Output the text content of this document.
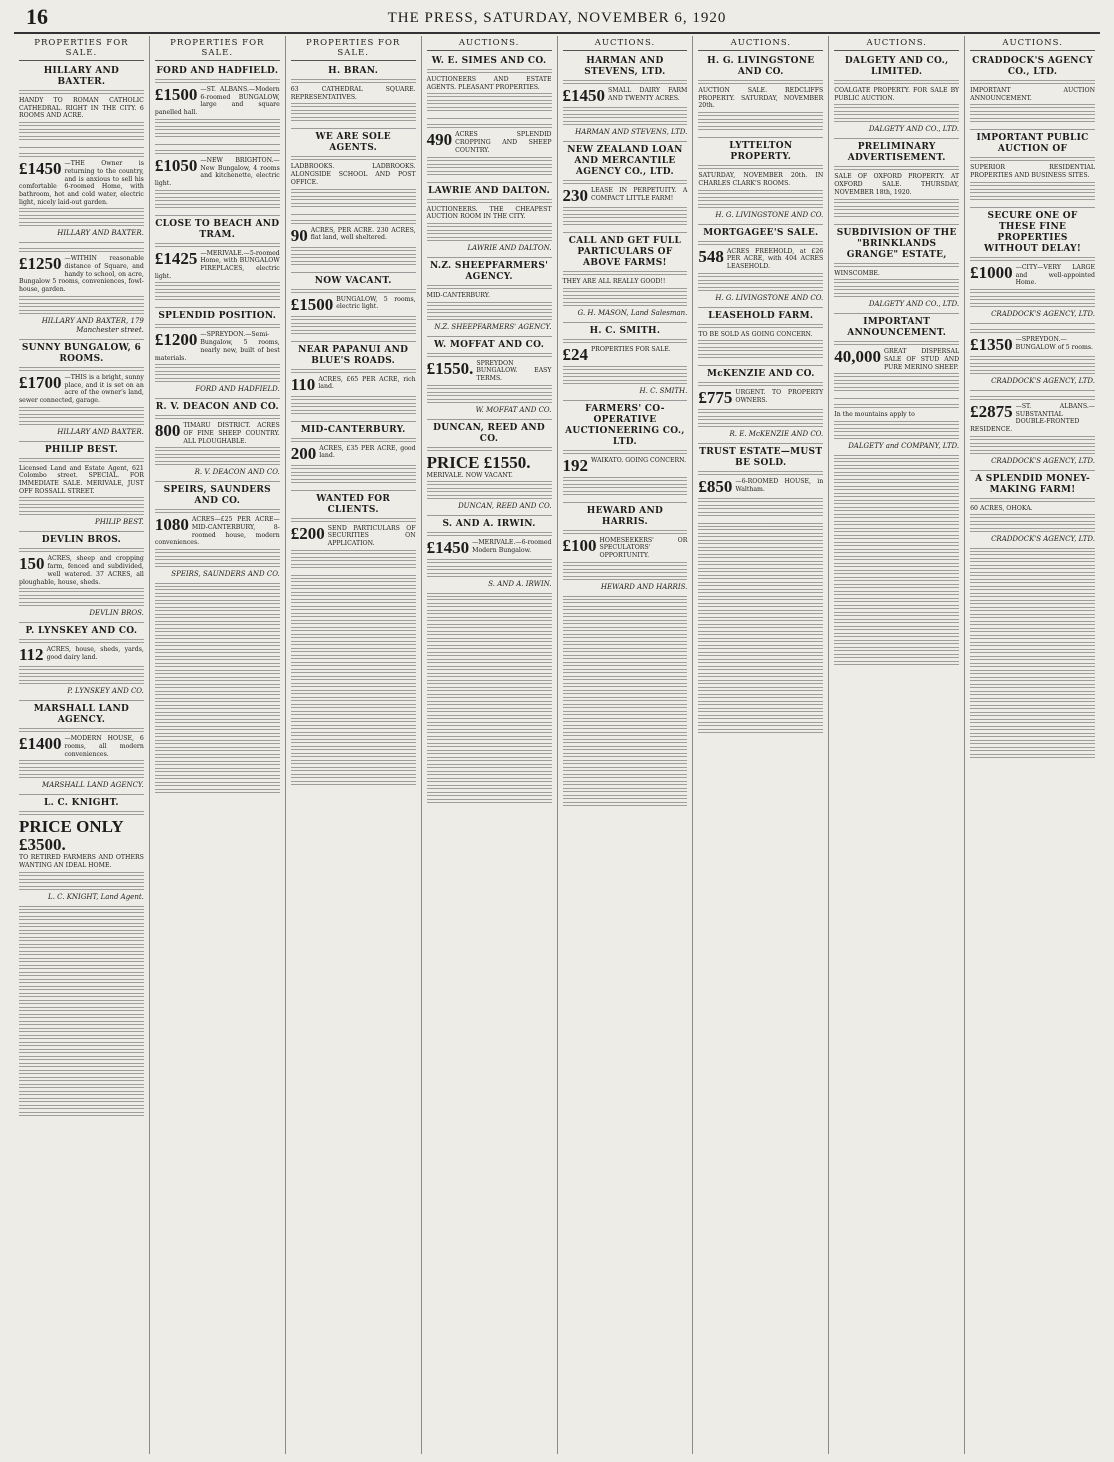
16	THE PRESS, SATURDAY, NOVEMBER 6, 1920
PROPERTIES FOR SALE.
HILLARY AND BAXTER.
HANDY TO ROMAN CATHOLIC CATHEDRAL. RIGHT IN THE CITY. 6 ROOMS AND ACRE.
£1450 —THE Owner is returning to the country, and is anxious to sell his comfortable 6-roomed Home, with bathroom, hot and cold water, electric light, nicely laid-out garden.
HILLARY AND BAXTER.
£1250 —WITHIN reasonable distance of Square, and handy to school, on acre, Bungalow 5 rooms, conveniences, fowl-house, garden.
HILLARY AND BAXTER, 179 Manchester street.
SUNNY BUNGALOW, 6 ROOMS.
£1700 —THIS is a bright, sunny place, and it is set on an acre of the owner's land, sewer connected, garage.
HILLARY AND BAXTER.
PHILIP BEST.
Licensed Land and Estate Agent, 621 Colombo street. SPECIAL. FOR IMMEDIATE SALE. MERIVALE, JUST OFF ROSSALL STREET.
PHILIP BEST.
DEVLIN BROS.
150 ACRES, sheep and cropping farm, fenced and subdivided, well watered. 37 ACRES, all ploughable, house, sheds.
DEVLIN BROS.
P. LYNSKEY AND CO.
112 ACRES, house, sheds, yards, good dairy land.
P. LYNSKEY AND CO.
MARSHALL LAND AGENCY.
£1400 —MODERN HOUSE, 6 rooms, all modern conveniences.
MARSHALL LAND AGENCY.
L. C. KNIGHT.
PRICE ONLY £3500.
TO RETIRED FARMERS AND OTHERS WANTING AN IDEAL HOME.
L. C. KNIGHT, Land Agent.
PROPERTIES FOR SALE.
FORD AND HADFIELD.
£1500 —ST. ALBANS.—Modern 6-roomed BUNGALOW, large and square panelled hall.
£1050 —NEW BRIGHTON.—New Bungalow, 4 rooms and kitchenette, electric light.
CLOSE TO BEACH AND TRAM.
£1425 —MERIVALE.—5-roomed Home, with BUNGALOW FIREPLACES, electric light.
SPLENDID POSITION.
£1200 —SPREYDON.—Semi-Bungalow, 5 rooms, nearly new, built of best materials.
FORD AND HADFIELD.
R. V. DEACON AND CO.
800 TIMARU DISTRICT. ACRES OF FINE SHEEP COUNTRY. ALL PLOUGHABLE.
R. V. DEACON AND CO.
SPEIRS, SAUNDERS AND CO.
1080 ACRES—£25 PER ACRE—MID-CANTERBURY, 8-roomed house, modern conveniences.
SPEIRS, SAUNDERS AND CO.
PROPERTIES FOR SALE.
H. BRAN.
63 CATHEDRAL SQUARE. REPRESENTATIVES.
WE ARE SOLE AGENTS.
LADBROOKS. LADBROOKS. ALONGSIDE SCHOOL AND POST OFFICE.
90 ACRES, PER ACRE. 230 ACRES, flat land, well sheltered.
NOW VACANT.
£1500 BUNGALOW, 5 rooms, electric light.
NEAR PAPANUI AND BLUE'S ROADS.
110 ACRES, £65 PER ACRE, rich land.
MID-CANTERBURY.
200 ACRES, £35 PER ACRE, good land.
WANTED FOR CLIENTS.
£200 SEND PARTICULARS OF SECURITIES ON APPLICATION.
AUCTIONS.
W. E. SIMES AND CO.
AUCTIONEERS AND ESTATE AGENTS. PLEASANT PROPERTIES.
490 ACRES SPLENDID CROPPING AND SHEEP COUNTRY.
LAWRIE AND DALTON.
AUCTIONEERS. THE CHEAPEST AUCTION ROOM IN THE CITY.
LAWRIE AND DALTON.
N.Z. SHEEPFARMERS' AGENCY.
MID-CANTERBURY.
N.Z. SHEEPFARMERS' AGENCY.
W. MOFFAT AND CO.
£1550. SPREYDON BUNGALOW. EASY TERMS.
W. MOFFAT AND CO.
DUNCAN, REED AND CO.
PRICE £1550.
MERIVALE. NOW VACANT.
DUNCAN, REED AND CO.
S. AND A. IRWIN.
£1450 —MERIVALE.—6-roomed Modern Bungalow.
S. AND A. IRWIN.
AUCTIONS.
HARMAN AND STEVENS, LTD.
£1450 SMALL DAIRY FARM AND TWENTY ACRES.
HARMAN AND STEVENS, LTD.
NEW ZEALAND LOAN AND MERCANTILE AGENCY CO., LTD.
230 LEASE IN PERPETUITY. A COMPACT LITTLE FARM!
CALL AND GET FULL PARTICULARS OF ABOVE FARMS!
THEY ARE ALL REALLY GOOD!!
G. H. MASON, Land Salesman.
H. C. SMITH.
£24 PROPERTIES FOR SALE.
H. C. SMITH.
FARMERS' CO-OPERATIVE AUCTIONEERING CO., LTD.
192 WAIKATO. GOING CONCERN.
HEWARD AND HARRIS.
£100 HOMESEEKERS' OR SPECULATORS' OPPORTUNITY.
HEWARD AND HARRIS.
AUCTIONS.
H. G. LIVINGSTONE AND CO.
AUCTION SALE. REDCLIFFS PROPERTY. SATURDAY, NOVEMBER 20th.
LYTTELTON PROPERTY.
SATURDAY, NOVEMBER 20th. IN CHARLES CLARK'S ROOMS.
H. G. LIVINGSTONE AND CO.
MORTGAGEE'S SALE.
548 ACRES FREEHOLD, at £26 PER ACRE, with 404 ACRES LEASEHOLD.
H. G. LIVINGSTONE AND CO.
LEASEHOLD FARM.
TO BE SOLD AS GOING CONCERN.
McKENZIE AND CO.
£775 URGENT. TO PROPERTY OWNERS.
R. E. McKENZIE AND CO.
TRUST ESTATE—MUST BE SOLD.
£850 —6-ROOMED HOUSE, in Waltham.
AUCTIONS.
DALGETY AND CO., LIMITED.
COALGATE PROPERTY. FOR SALE BY PUBLIC AUCTION.
DALGETY AND CO., LTD.
PRELIMINARY ADVERTISEMENT.
SALE OF OXFORD PROPERTY. AT OXFORD SALE. THURSDAY, NOVEMBER 18th, 1920.
SUBDIVISION OF THE "BRINKLANDS GRANGE" ESTATE,
WINSCOMBE.
DALGETY AND CO., LTD.
IMPORTANT ANNOUNCEMENT.
40,000 GREAT DISPERSAL SALE OF STUD AND PURE MERINO SHEEP.
In the mountains apply to
DALGETY and COMPANY, LTD.
AUCTIONS.
CRADDOCK'S AGENCY CO., LTD.
IMPORTANT AUCTION ANNOUNCEMENT.
IMPORTANT PUBLIC AUCTION OF
SUPERIOR RESIDENTIAL PROPERTIES AND BUSINESS SITES.
SECURE ONE OF THESE FINE PROPERTIES WITHOUT DELAY!
£1000 —CITY—VERY LARGE and well-appointed Home.
CRADDOCK'S AGENCY, LTD.
£1350 —SPREYDON.—BUNGALOW of 5 rooms.
CRADDOCK'S AGENCY, LTD.
£2875 —ST. ALBANS.—SUBSTANTIAL DOUBLE-FRONTED RESIDENCE.
CRADDOCK'S AGENCY, LTD.
A SPLENDID MONEY-MAKING FARM!
60 ACRES, OHOKA.
CRADDOCK'S AGENCY, LTD.
